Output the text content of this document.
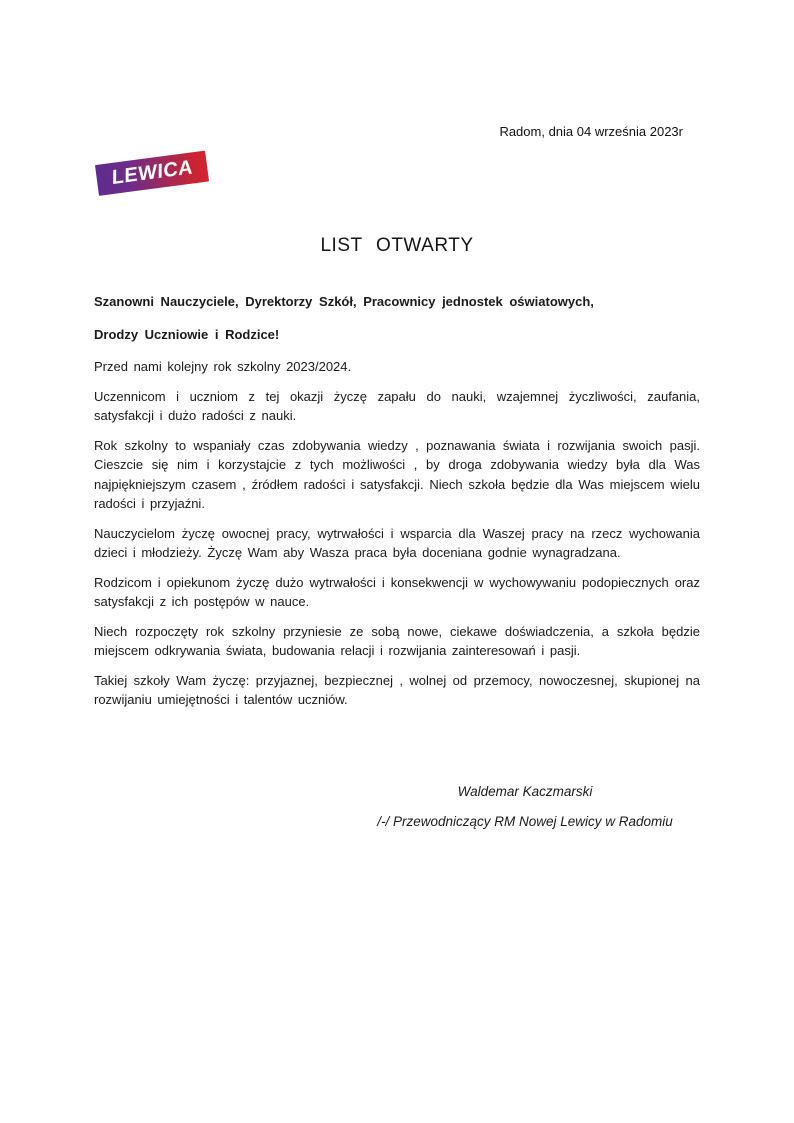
Radom, dnia 04 września 2023r
LEWICA
LIST OTWARTY

Szanowni Nauczyciele, Dyrektorzy Szkół, Pracownicy jednostek oświatowych,

Drodzy Uczniowie i Rodzice!

Przed nami kolejny rok szkolny 2023/2024.

Uczennicom i uczniom z tej okazji życzę zapału do nauki, wzajemnej życzliwości, zaufania, satysfakcji i dużo radości z nauki.

Rok szkolny to wspaniały czas zdobywania wiedzy , poznawania świata i rozwijania swoich pasji. Cieszcie się nim i korzystajcie z tych możliwości , by droga zdobywania wiedzy była dla Was najpiękniejszym czasem , źródłem radości i satysfakcji. Niech szkoła będzie dla Was miejscem wielu radości i przyjaźni.

Nauczycielom życzę owocnej pracy, wytrwałości i wsparcia dla Waszej pracy na rzecz wychowania dzieci i młodzieży. Życzę Wam aby Wasza praca była doceniana godnie wynagradzana.

Rodzicom i opiekunom życzę dużo wytrwałości i konsekwencji w wychowywaniu podopiecznych oraz satysfakcji z ich postępów w nauce.

Niech rozpoczęty rok szkolny przyniesie ze sobą nowe, ciekawe doświadczenia, a szkoła będzie miejscem odkrywania świata, budowania relacji i rozwijania zainteresowań i pasji.

Takiej szkoły Wam życzę: przyjaznej, bezpiecznej , wolnej od przemocy, nowoczesnej, skupionej na rozwijaniu umiejętności i talentów uczniów.

Waldemar Kaczmarski

/-/ Przewodniczący RM Nowej Lewicy w Radomiu
